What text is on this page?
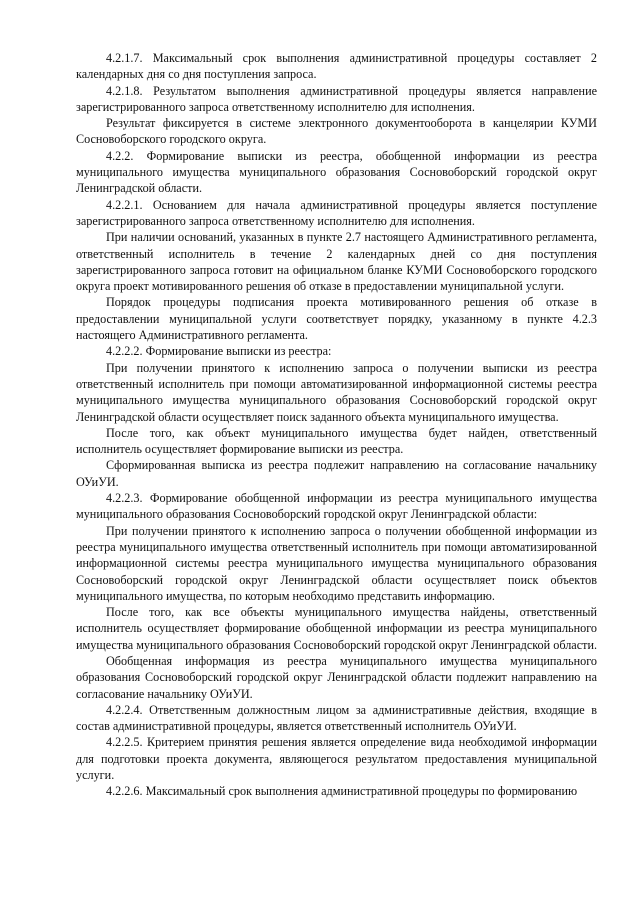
4.2.1.7. Максимальный срок выполнения административной процедуры составляет 2 календарных дня со дня поступления запроса.

4.2.1.8. Результатом выполнения административной процедуры является направление зарегистрированного запроса ответственному исполнителю для исполнения.

Результат фиксируется в системе электронного документооборота в канцелярии КУМИ Сосновоборского городского округа.

4.2.2. Формирование выписки из реестра, обобщенной информации из реестра муниципального имущества муниципального образования Сосновоборский городской округ Ленинградской области.

4.2.2.1. Основанием для начала административной процедуры является поступление зарегистрированного запроса ответственному исполнителю для исполнения.

При наличии оснований, указанных в пункте 2.7 настоящего Административного регламента, ответственный исполнитель в течение 2 календарных дней со дня поступления зарегистрированного запроса готовит на официальном бланке КУМИ Сосновоборского городского округа проект мотивированного решения об отказе в предоставлении муниципальной услуги.

Порядок процедуры подписания проекта мотивированного решения об отказе в предоставлении муниципальной услуги соответствует порядку, указанному в пункте 4.2.3 настоящего Административного регламента.

4.2.2.2. Формирование выписки из реестра:

При получении принятого к исполнению запроса о получении выписки из реестра ответственный исполнитель при помощи автоматизированной информационной системы реестра муниципального имущества муниципального образования Сосновоборский городской округ Ленинградской области осуществляет поиск заданного объекта муниципального имущества.

После того, как объект муниципального имущества будет найден, ответственный исполнитель осуществляет формирование выписки из реестра.

Сформированная выписка из реестра подлежит направлению на согласование начальнику ОУиУИ.

4.2.2.3. Формирование обобщенной информации из реестра муниципального имущества муниципального образования Сосновоборский городской округ Ленинградской области:

При получении принятого к исполнению запроса о получении обобщенной информации из реестра муниципального имущества ответственный исполнитель при помощи автоматизированной информационной системы реестра муниципального имущества муниципального образования Сосновоборский городской округ Ленинградской области осуществляет поиск объектов муниципального имущества, по которым необходимо представить информацию.

После того, как все объекты муниципального имущества найдены, ответственный исполнитель осуществляет формирование обобщенной информации из реестра муниципального имущества муниципального образования Сосновоборский городской округ Ленинградской области.

Обобщенная информация из реестра муниципального имущества муниципального образования Сосновоборский городской округ Ленинградской области подлежит направлению на согласование начальнику ОУиУИ.

4.2.2.4. Ответственным должностным лицом за административные действия, входящие в состав административной процедуры, является ответственный исполнитель ОУиУИ.

4.2.2.5. Критерием принятия решения является определение вида необходимой информации для подготовки проекта документа, являющегося результатом предоставления муниципальной услуги.

4.2.2.6. Максимальный срок выполнения административной процедуры по формированию
